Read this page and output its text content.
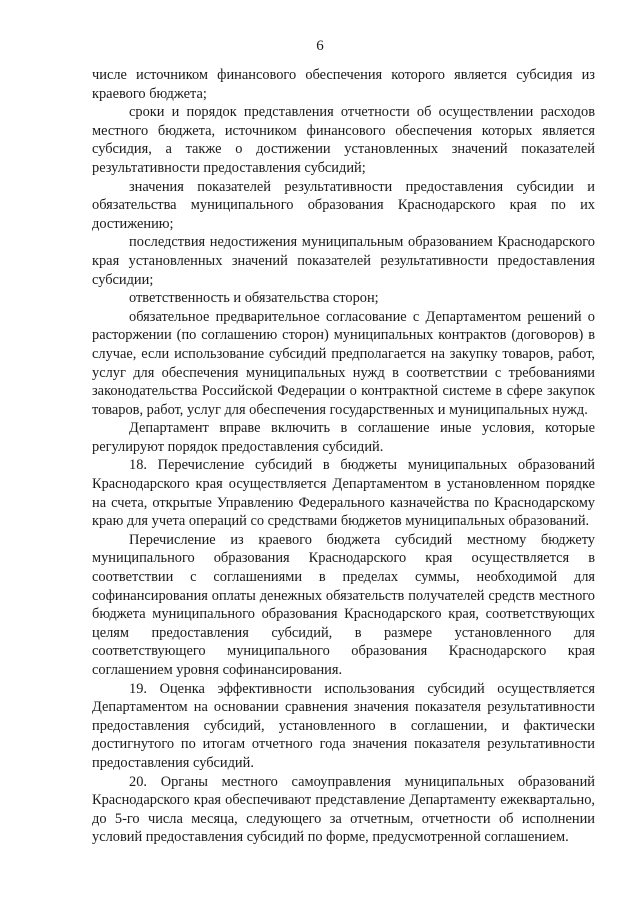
6

числе источником финансового обеспечения которого является субсидия из краевого бюджета;

сроки и порядок представления отчетности об осуществлении расходов местного бюджета, источником финансового обеспечения которых является субсидия, а также о достижении установленных значений показателей результативности предоставления субсидий;

значения показателей результативности предоставления субсидии и обязательства муниципального образования Краснодарского края по их достижению;

последствия недостижения муниципальным образованием Краснодарского края установленных значений показателей результативности предоставления субсидии;

ответственность и обязательства сторон;

обязательное предварительное согласование с Департаментом решений о расторжении (по соглашению сторон) муниципальных контрактов (договоров) в случае, если использование субсидий предполагается на закупку товаров, работ, услуг для обеспечения муниципальных нужд в соответствии с требованиями законодательства Российской Федерации о контрактной системе в сфере закупок товаров, работ, услуг для обеспечения государственных и муниципальных нужд.

Департамент вправе включить в соглашение иные условия, которые регулируют порядок предоставления субсидий.

18. Перечисление субсидий в бюджеты муниципальных образований Краснодарского края осуществляется Департаментом в установленном порядке на счета, открытые Управлению Федерального казначейства по Краснодарскому краю для учета операций со средствами бюджетов муниципальных образований.

Перечисление из краевого бюджета субсидий местному бюджету муниципального образования Краснодарского края осуществляется в соответствии с соглашениями в пределах суммы, необходимой для софинансирования оплаты денежных обязательств получателей средств местного бюджета муниципального образования Краснодарского края, соответствующих целям предоставления субсидий, в размере установленного для соответствующего муниципального образования Краснодарского края соглашением уровня софинансирования.

19. Оценка эффективности использования субсидий осуществляется Департаментом на основании сравнения значения показателя результативности предоставления субсидий, установленного в соглашении, и фактически достигнутого по итогам отчетного года значения показателя результативности предоставления субсидий.

20. Органы местного самоуправления муниципальных образований Краснодарского края обеспечивают представление Департаменту ежеквартально, до 5-го числа месяца, следующего за отчетным, отчетности об исполнении условий предоставления субсидий по форме, предусмотренной соглашением.
